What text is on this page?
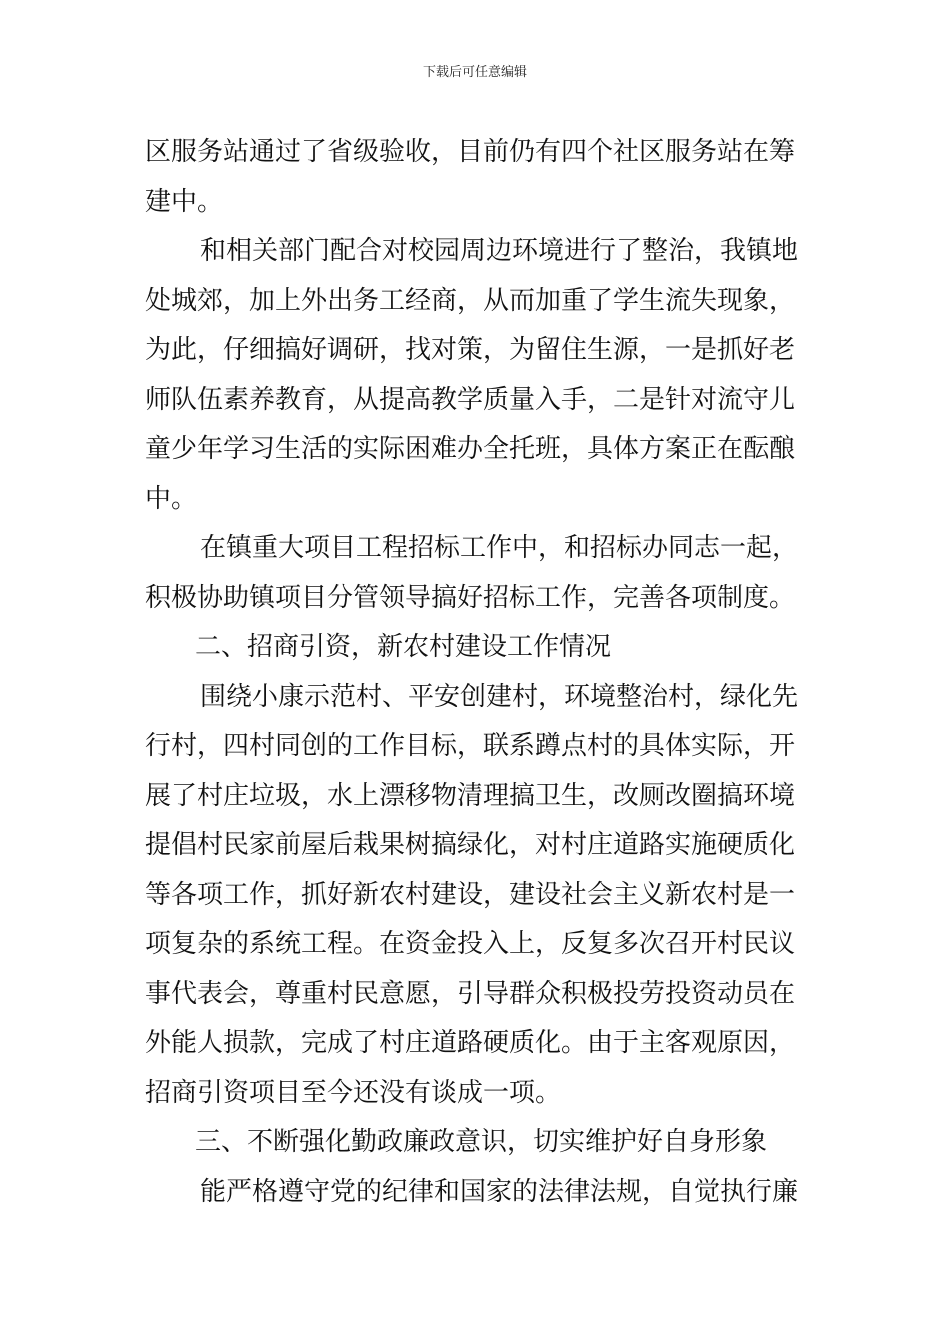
下载后可任意编辑
区服务站通过了省级验收，目前仍有四个社区服务站在筹
建中。
和相关部门配合对校园周边环境进行了整治，我镇地
处城郊，加上外出务工经商，从而加重了学生流失现象，
为此，仔细搞好调研，找对策，为留住生源，一是抓好老
师队伍素养教育，从提高教学质量入手，二是针对流守儿
童少年学习生活的实际困难办全托班，具体方案正在酝酿
中。
在镇重大项目工程招标工作中，和招标办同志一起，
积极协助镇项目分管领导搞好招标工作，完善各项制度。
二、招商引资，新农村建设工作情况
围绕小康示范村、平安创建村，环境整治村，绿化先
行村，四村同创的工作目标，联系蹲点村的具体实际，开
展了村庄垃圾，水上漂移物清理搞卫生，改厕改圈搞环境
提倡村民家前屋后栽果树搞绿化，对村庄道路实施硬质化
等各项工作，抓好新农村建设，建设社会主义新农村是一
项复杂的系统工程。在资金投入上，反复多次召开村民议
事代表会，尊重村民意愿，引导群众积极投劳投资动员在
外能人损款，完成了村庄道路硬质化。由于主客观原因，
招商引资项目至今还没有谈成一项。
三、不断强化勤政廉政意识，切实维护好自身形象
能严格遵守党的纪律和国家的法律法规，自觉执行廉
